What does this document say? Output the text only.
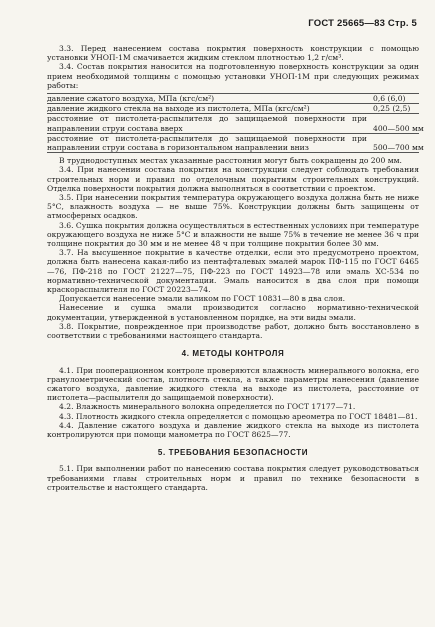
ГОСТ 25665—83 Стр. 5

3.3. Перед нанесением состава покрытия поверхность конструкции с помощью установки УНОП-1М смачивается жидким стеклом плотностью 1,2 г/см³.

3.4. Состав покрытия наносится на подготовленную поверхность конструкции за один прием необходимой толщины с помощью установки УНОП-1М при следующих режимах работы:

давление сжатого воздуха, МПа (кгс/см²)	0,6 (6,0)
давление жидкого стекла на выходе из пистолета, МПа (кгс/см²)	0,25 (2,5)
расстояние от пистолета-распылителя до защищаемой поверхности при направлении струи состава вверх	400—500 мм
расстояние от пистолета-распылителя до защищаемой поверхности при направлении струи состава в горизонтальном направлении вниз	500—700 мм

В труднодоступных местах указанные расстояния могут быть сокращены до 200 мм.

3.4. При нанесении состава покрытия на конструкции следует соблюдать требования строительных норм и правил по отделочным покрытиям строительных конструкций. Отделка поверхности покрытия должна выполняться в соответствии с проектом.

3.5. При нанесении покрытия температура окружающего воздуха должна быть не ниже 5°С, влажность воздуха — не выше 75%. Конструкции должны быть защищены от атмосферных осадков.

3.6. Сушка покрытия должна осуществляться в естественных условиях при температуре окружающего воздуха не ниже 5°С и влажности не выше 75% в течение не менее 36 ч при толщине покрытия до 30 мм и не менее 48 ч при толщине покрытия более 30 мм.

3.7. На высушенное покрытие в качестве отделки, если это предусмотрено проектом, должна быть нанесена какая-либо из пентафталевых эмалей марок ПФ-115 по ГОСТ 6465—76, ПФ-218 по ГОСТ 21227—75, ПФ-223 по ГОСТ 14923—78 или эмаль ХС-534 по нормативно-технической документации. Эмаль наносится в два слоя при помощи краскораспылителя по ГОСТ 20223—74.

Допускается нанесение эмали валиком по ГОСТ 10831—80 в два слоя.

Нанесение и сушка эмали производится согласно нормативно-технической документации, утвержденной в установленном порядке, на эти виды эмали.

3.8. Покрытие, поврежденное при производстве работ, должно быть восстановлено в соответствии с требованиями настоящего стандарта.

4. МЕТОДЫ КОНТРОЛЯ

4.1. При пооперационном контроле проверяются влажность минерального волокна, его гранулометрический состав, плотность стекла, а также параметры нанесения (давление сжатого воздуха, давление жидкого стекла на выходе из пистолета, расстояние от пистолета—распылителя до защищаемой поверхности).

4.2. Влажность минерального волокна определяется по ГОСТ 17177—71.

4.3. Плотность жидкого стекла определяется с помощью ареометра по ГОСТ 18481—81.

4.4. Давление сжатого воздуха и давление жидкого стекла на выходе из пистолета контролируются при помощи манометра по ГОСТ 8625—77.

5. ТРЕБОВАНИЯ БЕЗОПАСНОСТИ

5.1. При выполнении работ по нанесению состава покрытия следует руководствоваться требованиями главы строительных норм и правил по технике безопасности в строительстве и настоящего стандарта.
